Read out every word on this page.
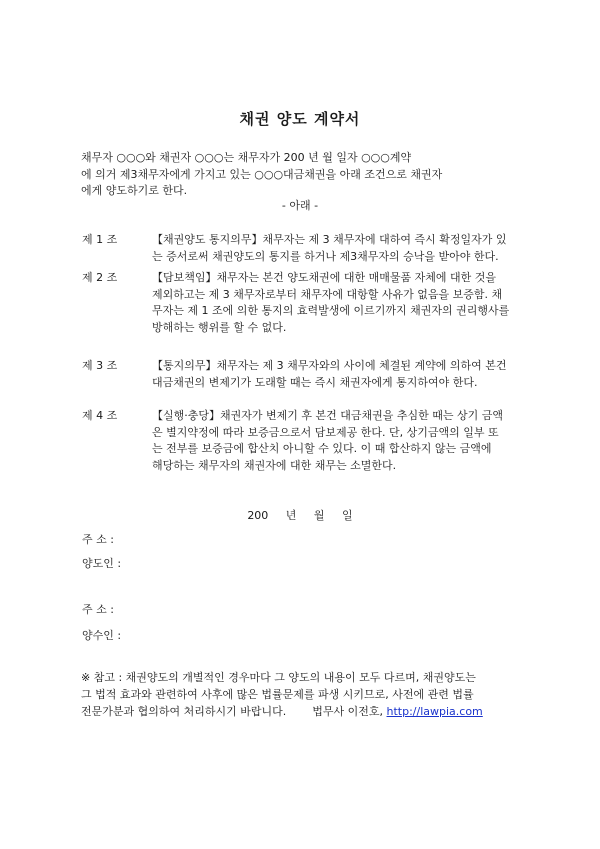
채권 양도 계약서
채무자 ○○○와 채권자 ○○○는 채무자가 200 년 월 일자 ○○○계약
에 의거 제3채무자에게 가지고 있는 ○○○대금채권을 아래 조건으로 채권자
에게 양도하기로 한다.
- 아래 -
제 1 조	【채권양도 통지의무】채무자는 제 3 채무자에 대하여 즉시 확정일자가 있
는 증서로써 채권양도의 통지를 하거나 제3채무자의 승낙을 받아야 한다.
제 2 조	【담보책임】채무자는 본건 양도채권에 대한 매매물품 자체에 대한 것을
제외하고는 제 3 채무자로부터 채무자에 대항할 사유가 없음을 보증함. 채
무자는 제 1 조에 의한 통지의 효력발생에 이르기까지 채권자의 권리행사를
방해하는 행위를 할 수 없다.
제 3 조	【통지의무】채무자는 제 3 채무자와의 사이에 체결된 계약에 의하여 본건
대금채권의 변제기가 도래할 때는 즉시 채권자에게 통지하여야 한다.
제 4 조	【실행·충당】채권자가 변제기 후 본건 대금채권을 추심한 때는 상기 금액
은 별지약정에 따라 보증금으로서 담보제공 한다. 단, 상기금액의 일부 또
는 전부를 보증금에 합산치 아니할 수 있다. 이 때 합산하지 않는 금액에
해당하는 채무자의 채권자에 대한 채무는 소멸한다.
200 년 월 일
주 소 :
양도인 :
주 소 :
양수인 :
※ 참고 : 채권양도의 개별적인 경우마다 그 양도의 내용이 모두 다르며, 채권양도는
그 법적 효과와 관련하여 사후에 많은 법률문제를 파생 시키므로, 사전에 관련 법률
전문가분과 협의하여 처리하시기 바랍니다. 법무사 이전호, http://lawpia.com
